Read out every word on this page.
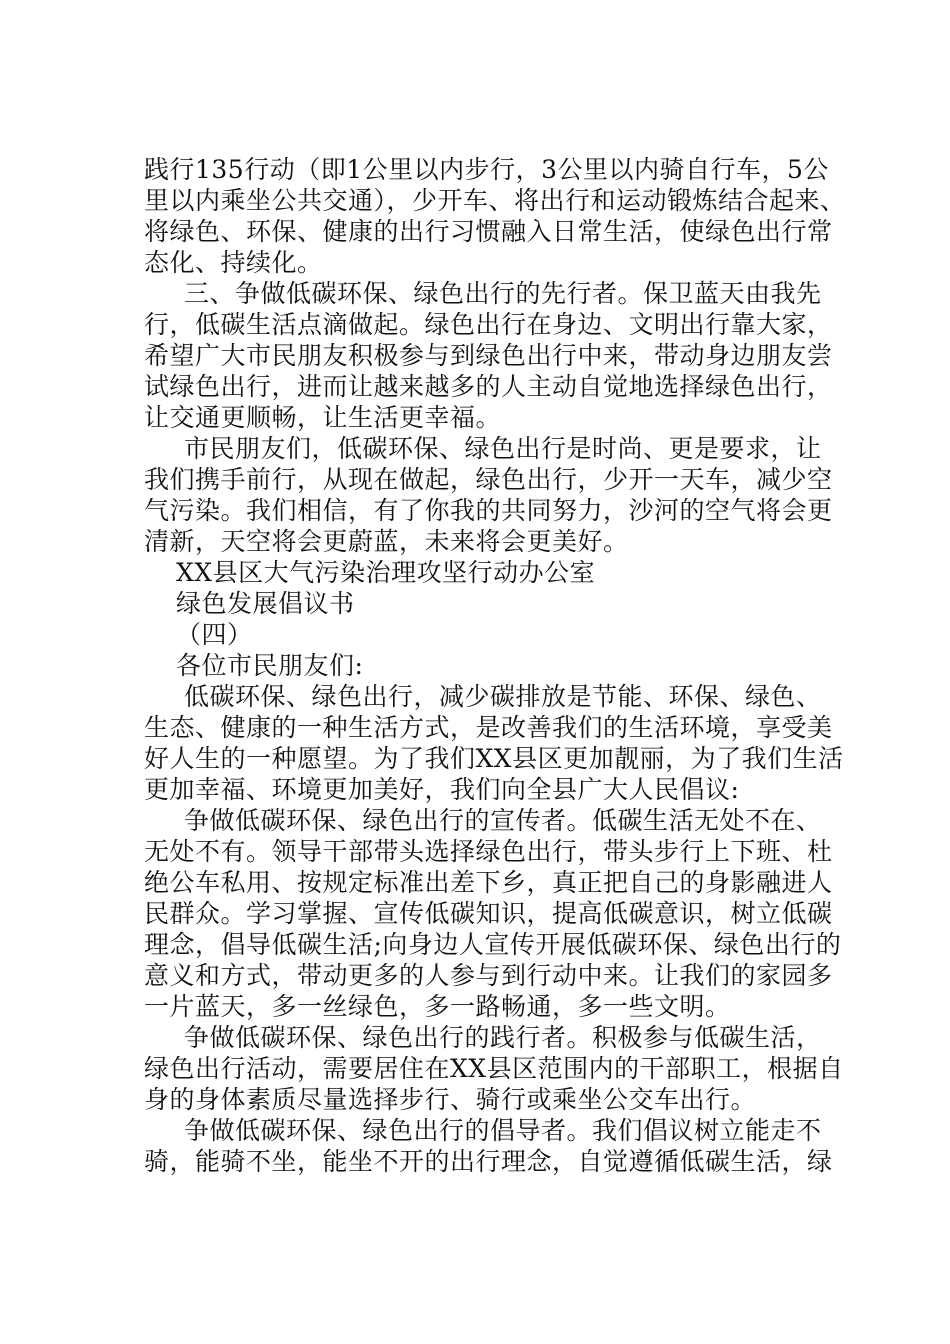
践行135行动（即1公里以内步行，3公里以内骑自行车，5公
里以内乘坐公共交通），少开车、将出行和运动锻炼结合起来、
将绿色、环保、健康的出行习惯融入日常生活，使绿色出行常
态化、持续化。
三、争做低碳环保、绿色出行的先行者。保卫蓝天由我先
行，低碳生活点滴做起。绿色出行在身边、文明出行靠大家，
希望广大市民朋友积极参与到绿色出行中来，带动身边朋友尝
试绿色出行，进而让越来越多的人主动自觉地选择绿色出行，
让交通更顺畅，让生活更幸福。
市民朋友们，低碳环保、绿色出行是时尚、更是要求，让
我们携手前行，从现在做起，绿色出行，少开一天车，减少空
气污染。我们相信，有了你我的共同努力，沙河的空气将会更
清新，天空将会更蔚蓝，未来将会更美好。
XX县区大气污染治理攻坚行动办公室
绿色发展倡议书
（四）
各位市民朋友们:
低碳环保、绿色出行，减少碳排放是节能、环保、绿色、
生态、健康的一种生活方式，是改善我们的生活环境，享受美
好人生的一种愿望。为了我们XX县区更加靓丽，为了我们生活
更加幸福、环境更加美好，我们向全县广大人民倡议:
争做低碳环保、绿色出行的宣传者。低碳生活无处不在、
无处不有。领导干部带头选择绿色出行，带头步行上下班、杜
绝公车私用、按规定标准出差下乡，真正把自己的身影融进人
民群众。学习掌握、宣传低碳知识，提高低碳意识，树立低碳
理念，倡导低碳生活;向身边人宣传开展低碳环保、绿色出行的
意义和方式，带动更多的人参与到行动中来。让我们的家园多
一片蓝天，多一丝绿色，多一路畅通，多一些文明。
争做低碳环保、绿色出行的践行者。积极参与低碳生活，
绿色出行活动，需要居住在XX县区范围内的干部职工，根据自
身的身体素质尽量选择步行、骑行或乘坐公交车出行。
争做低碳环保、绿色出行的倡导者。我们倡议树立能走不
骑，能骑不坐，能坐不开的出行理念，自觉遵循低碳生活，绿
